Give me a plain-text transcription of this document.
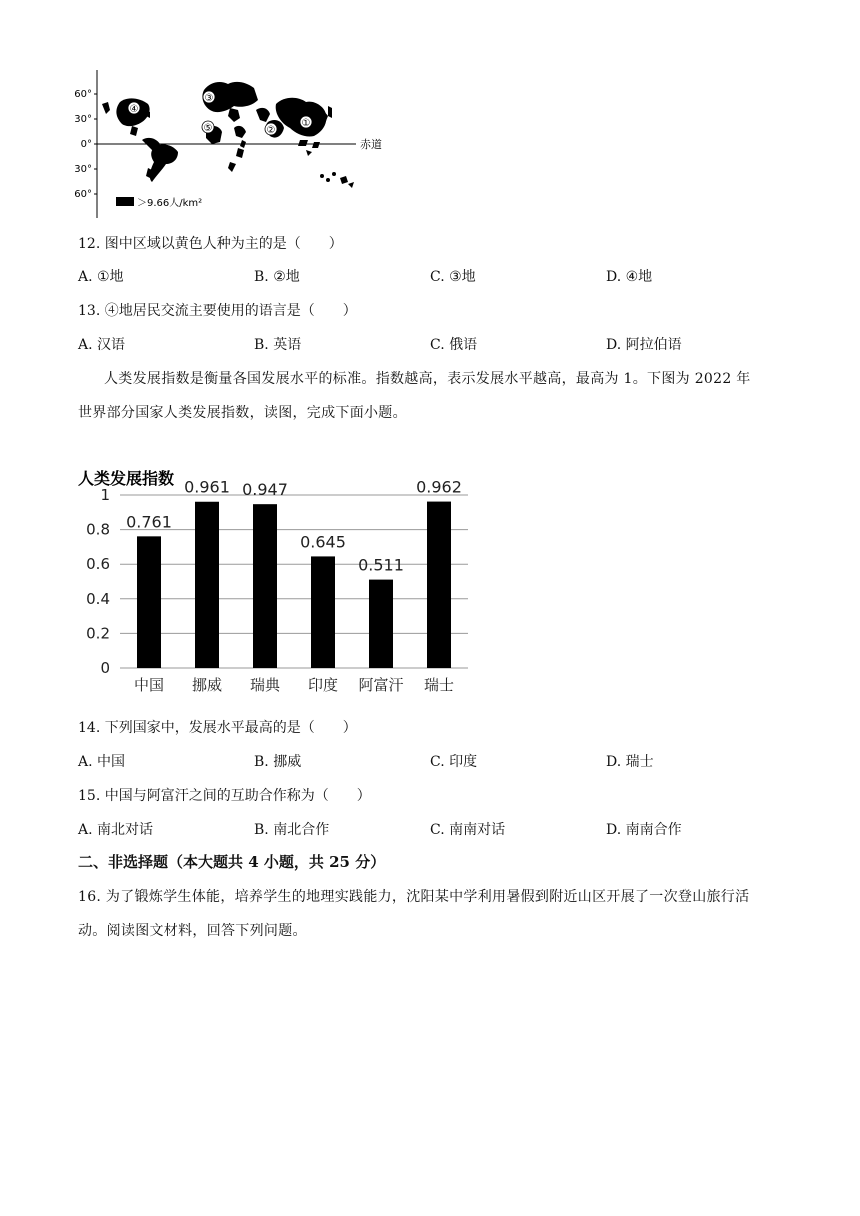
60°
30°
0°
30°
60°
赤道
④
③
⑤	②
①
＞9.66人/km²
12. 图中区域以黄色人种为主的是（　　）
A. ①地	B. ②地	C. ③地	D. ④地
13. ④地居民交流主要使用的语言是（　　）
A. 汉语	B. 英语	C. 俄语	D. 阿拉伯语
人类发展指数是衡量各国发展水平的标准。指数越高，表示发展水平越高，最高为 1。下图为 2022 年
世界部分国家人类发展指数，读图，完成下面小题。
人类发展指数
0
0.2
0.4
0.6
0.8
1
0.761
0.961 0.947
0.645
0.511
0.962
中国 挪威 瑞典 印度 阿富汗 瑞士
14. 下列国家中，发展水平最高的是（　　）
A. 中国	B. 挪威	C. 印度	D. 瑞士
15. 中国与阿富汗之间的互助合作称为（　　）
A. 南北对话	B. 南北合作	C. 南南对话	D. 南南合作
二、非选择题（本大题共 4 小题，共 25 分）
16. 为了锻炼学生体能，培养学生的地理实践能力，沈阳某中学利用暑假到附近山区开展了一次登山旅行活
动。阅读图文材料，回答下列问题。
